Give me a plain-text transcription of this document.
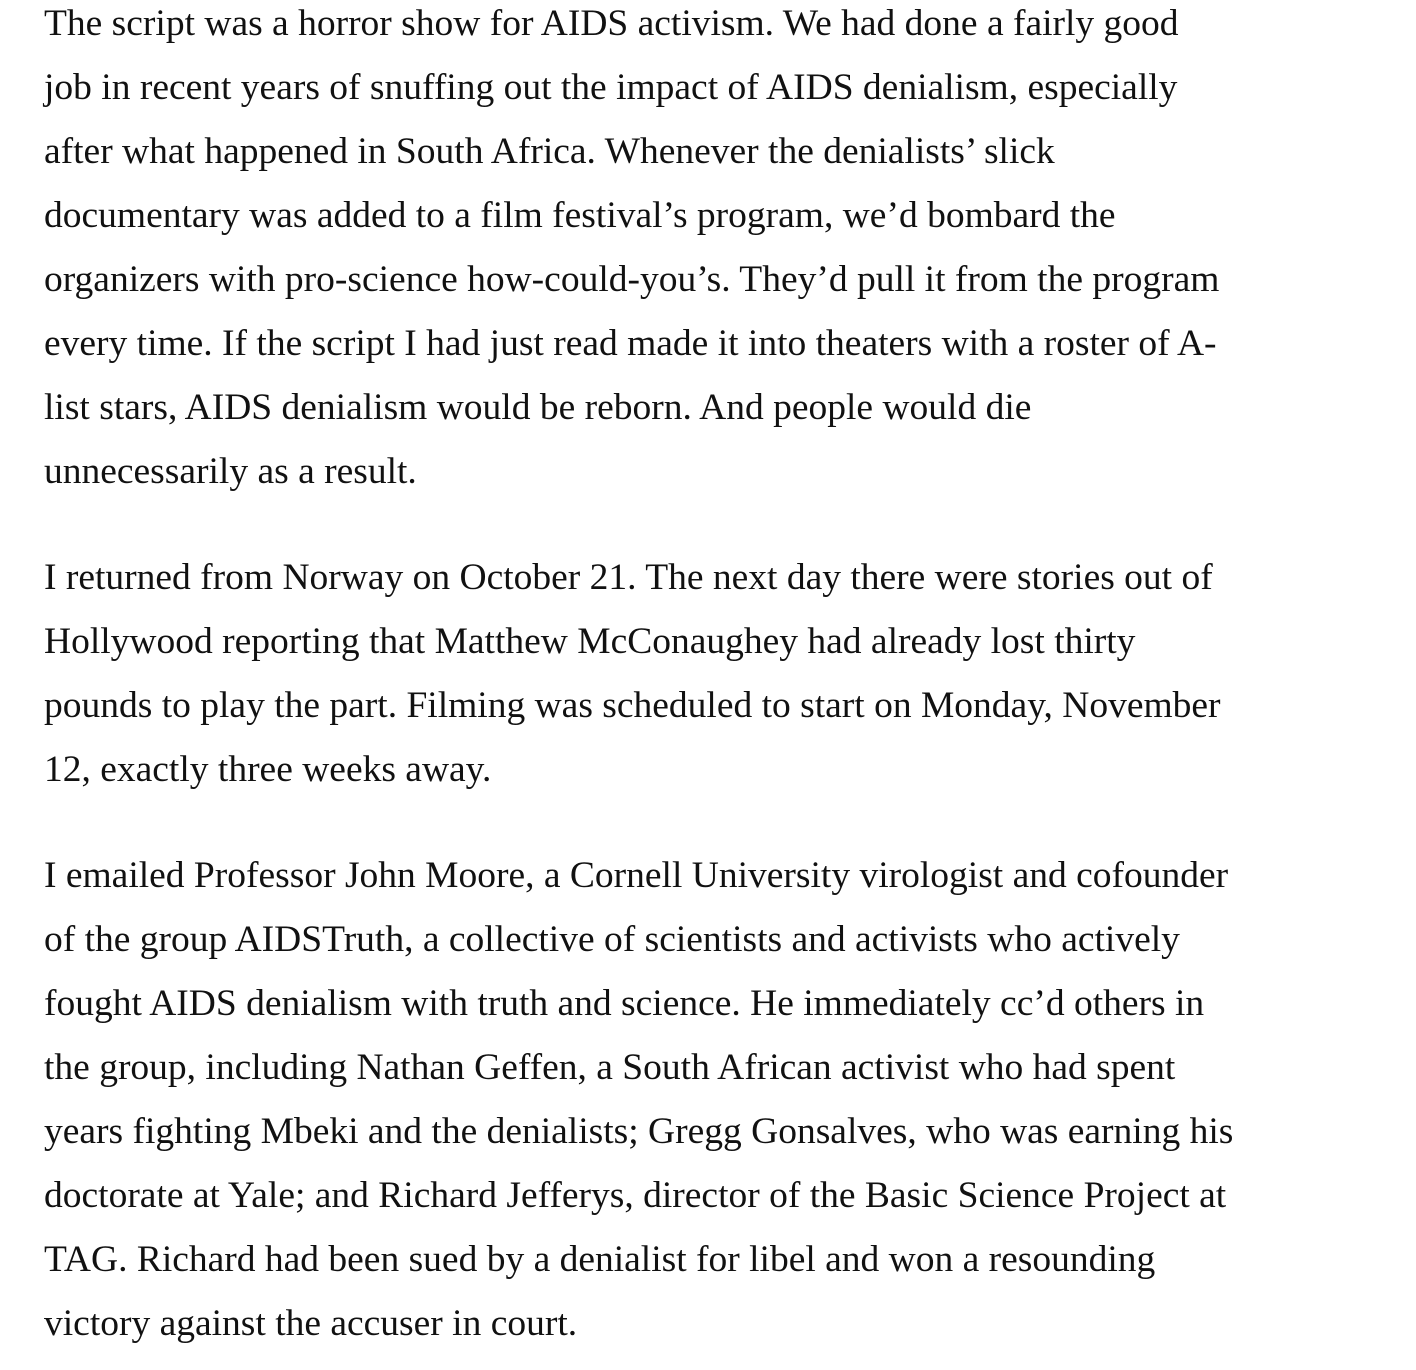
The script was a horror show for AIDS activism. We had done a fairly good
job in recent years of snuffing out the impact of AIDS denialism, especially
after what happened in South Africa. Whenever the denialists’ slick
documentary was added to a film festival’s program, we’d bombard the
organizers with pro-science how-could-you’s. They’d pull it from the program
every time. If the script I had just read made it into theaters with a roster of A-
list stars, AIDS denialism would be reborn. And people would die
unnecessarily as a result.

I returned from Norway on October 21. The next day there were stories out of
Hollywood reporting that Matthew McConaughey had already lost thirty
pounds to play the part. Filming was scheduled to start on Monday, November
12, exactly three weeks away.

I emailed Professor John Moore, a Cornell University virologist and cofounder
of the group AIDSTruth, a collective of scientists and activists who actively
fought AIDS denialism with truth and science. He immediately cc’d others in
the group, including Nathan Geffen, a South African activist who had spent
years fighting Mbeki and the denialists; Gregg Gonsalves, who was earning his
doctorate at Yale; and Richard Jefferys, director of the Basic Science Project at
TAG. Richard had been sued by a denialist for libel and won a resounding
victory against the accuser in court.
